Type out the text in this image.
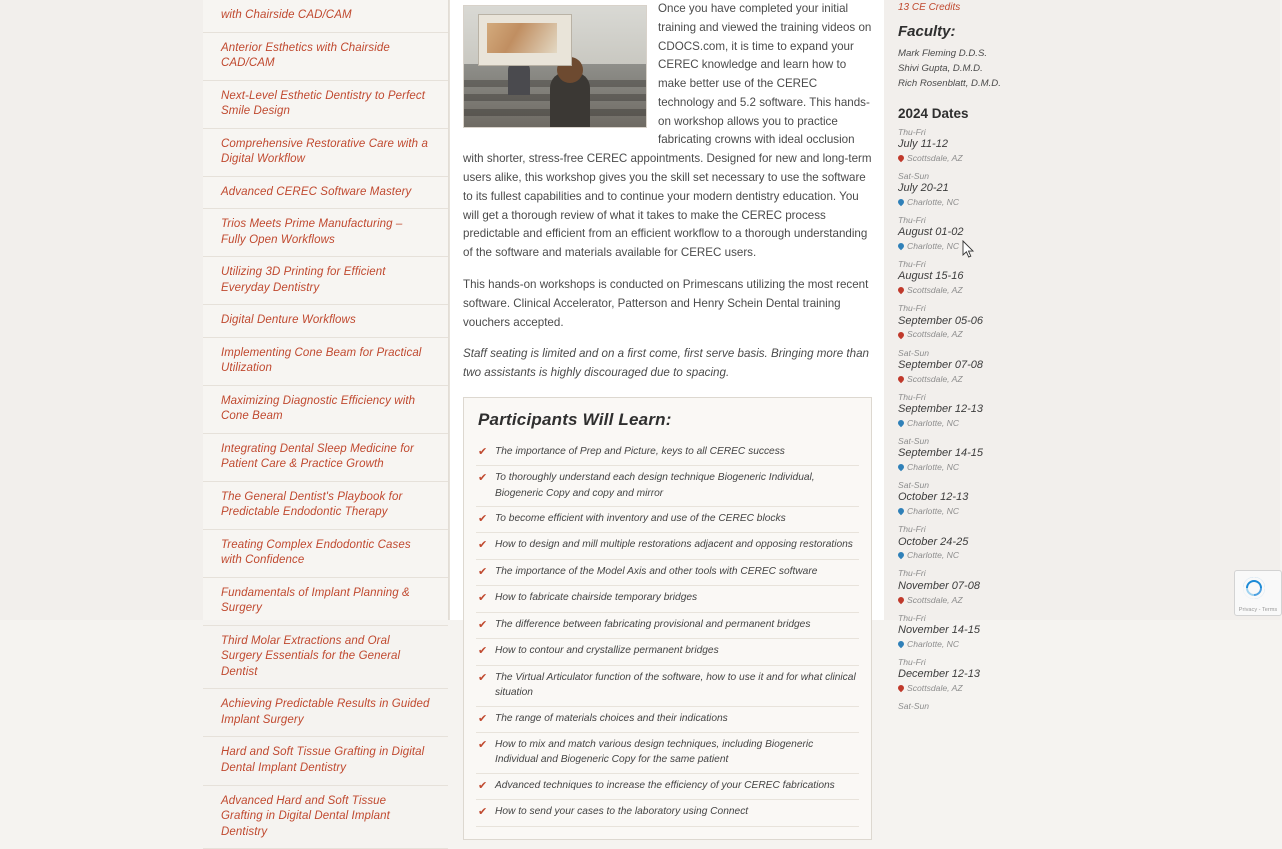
with Chairside CAD/CAM
Anterior Esthetics with Chairside CAD/CAM
Next-Level Esthetic Dentistry to Perfect Smile Design
Comprehensive Restorative Care with a Digital Workflow
Advanced CEREC Software Mastery
Trios Meets Prime Manufacturing – Fully Open Workflows
Utilizing 3D Printing for Efficient Everyday Dentistry
Digital Denture Workflows
Implementing Cone Beam for Practical Utilization
Maximizing Diagnostic Efficiency with Cone Beam
Integrating Dental Sleep Medicine for Patient Care & Practice Growth
The General Dentist's Playbook for Predictable Endodontic Therapy
Treating Complex Endodontic Cases with Confidence
Fundamentals of Implant Planning & Surgery
Third Molar Extractions and Oral Surgery Essentials for the General Dentist
Achieving Predictable Results in Guided Implant Surgery
Hard and Soft Tissue Grafting in Digital Dental Implant Dentistry
Advanced Hard and Soft Tissue Grafting in Digital Dental Implant Dentistry

Once you have completed your initial training and viewed the training videos on CDOCS.com, it is time to expand your CEREC knowledge and learn how to make better use of the CEREC technology and 5.2 software. This hands-on workshop allows you to practice fabricating crowns with ideal occlusion with shorter, stress-free CEREC appointments. Designed for new and long-term users alike, this workshop gives you the skill set necessary to use the software to its fullest capabilities and to continue your modern dentistry education. You will get a thorough review of what it takes to make the CEREC process predictable and efficient from an efficient workflow to a thorough understanding of the software and materials available for CEREC users.

This hands-on workshops is conducted on Primescans utilizing the most recent software. Clinical Accelerator, Patterson and Henry Schein Dental training vouchers accepted.

Staff seating is limited and on a first come, first serve basis. Bringing more than two assistants is highly discouraged due to spacing.

Participants Will Learn:
✔ The importance of Prep and Picture, keys to all CEREC success
✔ To thoroughly understand each design technique Biogeneric Individual, Biogeneric Copy and copy and mirror
✔ To become efficient with inventory and use of the CEREC blocks
✔ How to design and mill multiple restorations adjacent and opposing restorations
✔ The importance of the Model Axis and other tools with CEREC software
✔ How to fabricate chairside temporary bridges
✔ The difference between fabricating provisional and permanent bridges
✔ How to contour and crystallize permanent bridges
✔ The Virtual Articulator function of the software, how to use it and for what clinical situation
✔ The range of materials choices and their indications
✔ How to mix and match various design techniques, including Biogeneric Individual and Biogeneric Copy for the same patient
✔ Advanced techniques to increase the efficiency of your CEREC fabrications
✔ How to send your cases to the laboratory using Connect
13 CE Credits
Faculty:
Mark Fleming D.D.S.
Shivi Gupta, D.M.D.
Rich Rosenblatt, D.M.D.
2024 Dates
Thu-Fri
July 11-12
Scottsdale, AZ
Sat-Sun
July 20-21
Charlotte, NC
Thu-Fri
August 01-02
Charlotte, NC
Thu-Fri
August 15-16
Scottsdale, AZ
Thu-Fri
September 05-06
Scottsdale, AZ
Sat-Sun
September 07-08
Scottsdale, AZ
Thu-Fri
September 12-13
Charlotte, NC
Sat-Sun
September 14-15
Charlotte, NC
Sat-Sun
October 12-13
Charlotte, NC
Thu-Fri
October 24-25
Charlotte, NC
Thu-Fri
November 07-08
Scottsdale, AZ
Thu-Fri
November 14-15
Charlotte, NC
Thu-Fri
December 12-13
Scottsdale, AZ
Sat-Sun
Privacy - Terms
